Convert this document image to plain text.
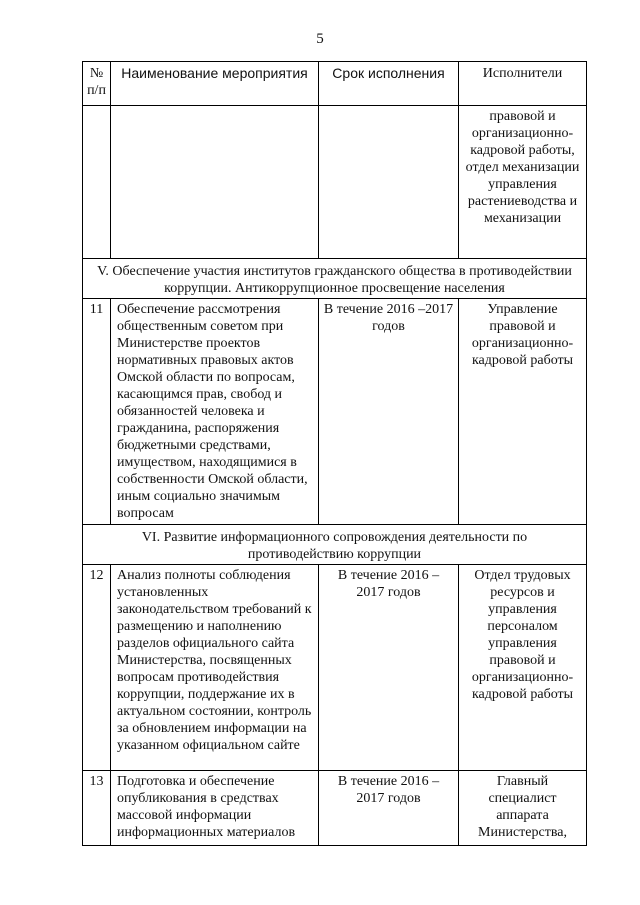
5
№ п/п	Наименование мероприятия	Срок исполнения	Исполнители
			правовой и организационно-кадровой работы, отдел механизации управления растениеводства и механизации
V. Обеспечение участия институтов гражданского общества в противодействии коррупции. Антикоррупционное просвещение населения			
11	Обеспечение рассмотрения общественным советом при Министерстве проектов нормативных правовых актов Омской области по вопросам, касающимся прав, свобод и обязанностей человека и гражданина, распоряжения бюджетными средствами, имуществом, находящимися в собственности Омской области, иным социально значимым вопросам	В течение 2016 –2017 годов	Управление правовой и организационно-кадровой работы
VI. Развитие информационного сопровождения деятельности по противодействию коррупции			
12	Анализ полноты соблюдения установленных законодательством требований к размещению и наполнению разделов официального сайта Министерства, посвященных вопросам противодействия коррупции, поддержание их в актуальном состоянии, контроль за обновлением информации на указанном официальном сайте	В течение 2016 – 2017 годов	Отдел трудовых ресурсов и управления персоналом управления правовой и организационно-кадровой работы
13	Подготовка и обеспечение опубликования в средствах массовой информации информационных материалов	В течение 2016 – 2017 годов	Главный специалист аппарата Министерства,
